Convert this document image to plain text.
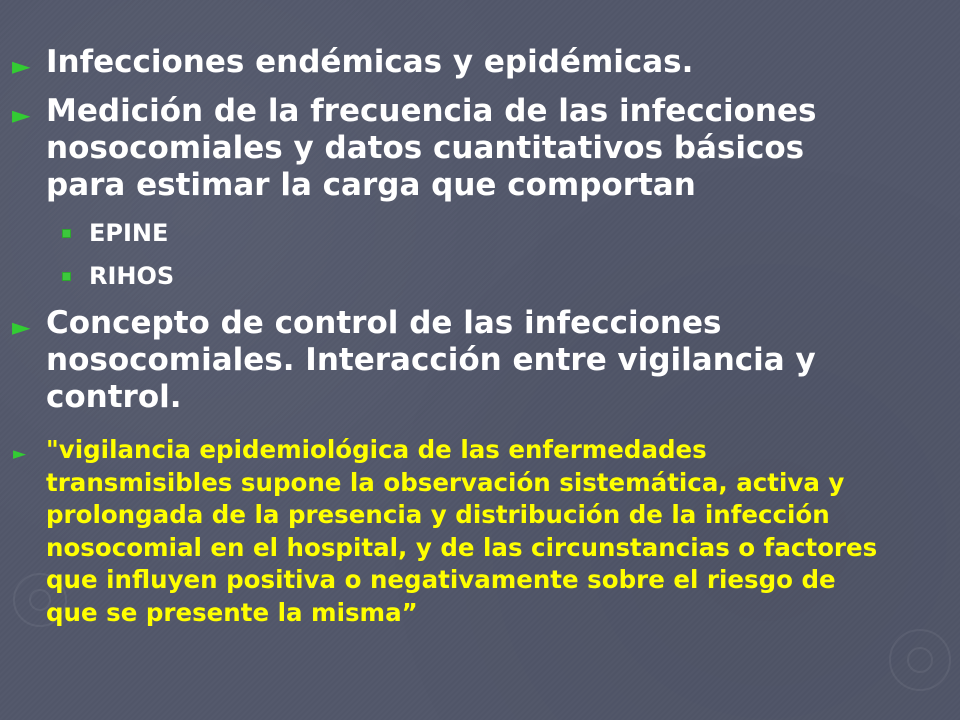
► Infecciones endémicas y epidémicas.

► Medición de la frecuencia de las infecciones nosocomiales y datos cuantitativos básicos para estimar la carga que comportan

EPINE

RIHOS

► Concepto de control de las infecciones nosocomiales. Interacción entre vigilancia y control.

► "vigilancia epidemiológica de las enfermedades transmisibles supone la observación sistemática, activa y prolongada de la presencia y distribución de la infección nosocomial en el hospital, y de las circunstancias o factores que influyen positiva o negativamente sobre el riesgo de que se presente la misma”
